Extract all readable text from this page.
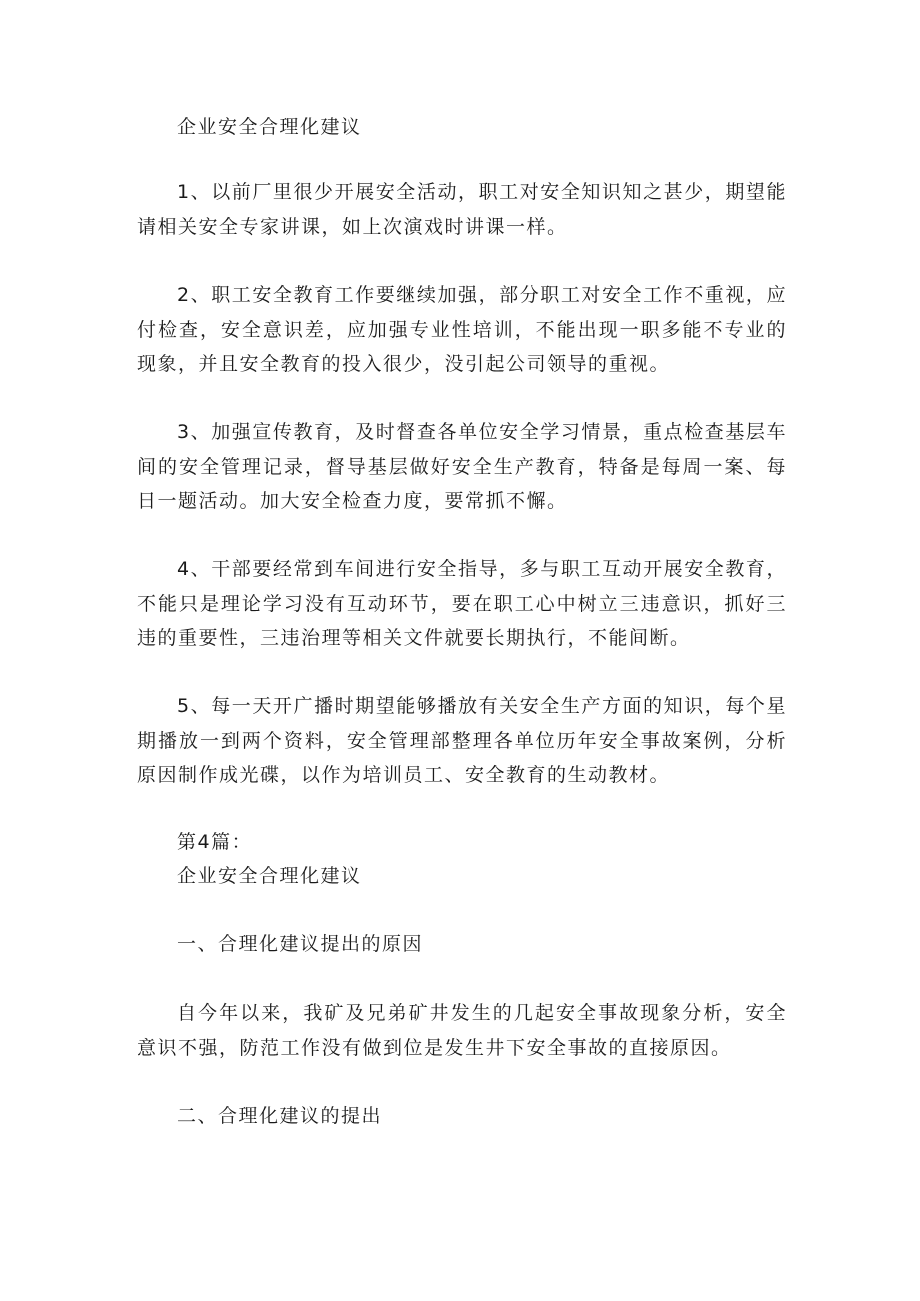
企业安全合理化建议

1、以前厂里很少开展安全活动，职工对安全知识知之甚少，期望能请相关安全专家讲课，如上次演戏时讲课一样。

2、职工安全教育工作要继续加强，部分职工对安全工作不重视，应付检查，安全意识差，应加强专业性培训，不能出现一职多能不专业的现象，并且安全教育的投入很少，没引起公司领导的重视。

3、加强宣传教育，及时督查各单位安全学习情景，重点检查基层车间的安全管理记录，督导基层做好安全生产教育，特备是每周一案、每日一题活动。加大安全检查力度，要常抓不懈。

4、干部要经常到车间进行安全指导，多与职工互动开展安全教育，不能只是理论学习没有互动环节，要在职工心中树立三违意识，抓好三违的重要性，三违治理等相关文件就要长期执行，不能间断。

5、每一天开广播时期望能够播放有关安全生产方面的知识，每个星期播放一到两个资料，安全管理部整理各单位历年安全事故案例，分析原因制作成光碟，以作为培训员工、安全教育的生动教材。

第4篇：

企业安全合理化建议

一、合理化建议提出的原因

自今年以来，我矿及兄弟矿井发生的几起安全事故现象分析，安全意识不强，防范工作没有做到位是发生井下安全事故的直接原因。

二、合理化建议的提出
